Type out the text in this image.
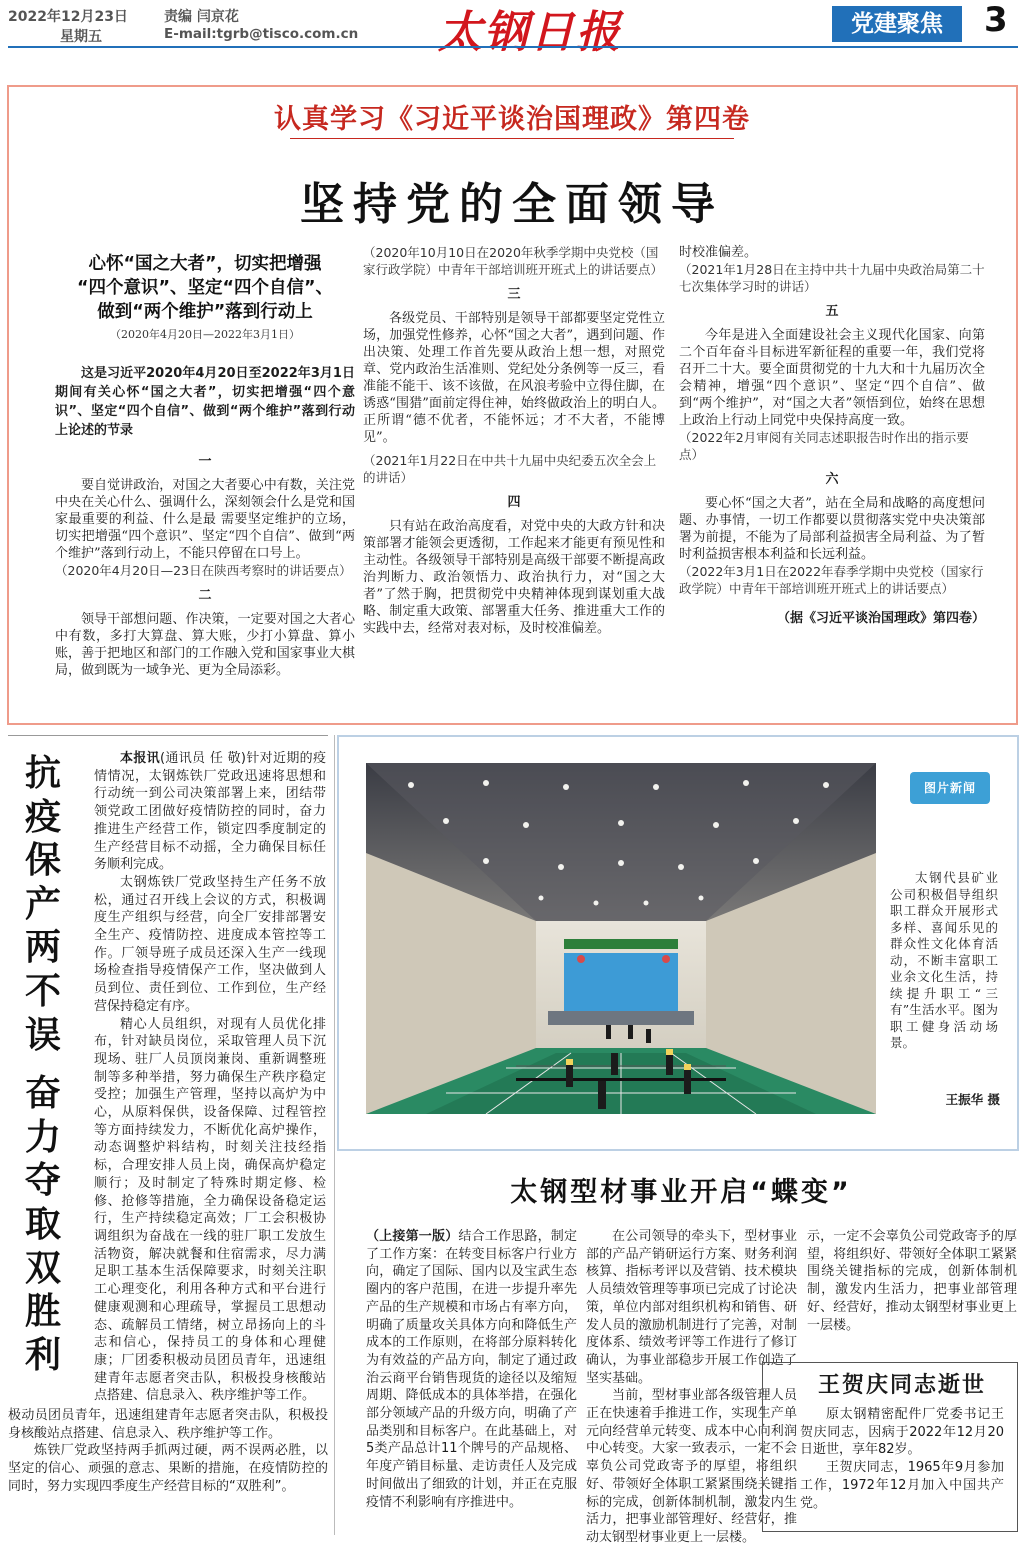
2022年12月23日	责编 闫京花
星期五	E-mail:tgrb@tisco.com.cn 太钢日报	党建聚焦	3
认真学习《习近平谈治国理政》第四卷
坚持党的全面领导
心怀“国之大者”，切实把增强
“四个意识”、坚定“四个自信”、
做到“两个维护”落到行动上
（2020年4月20日—2022年3月1日）

这是习近平2020年4月20日至2022年3月1日期间有关心怀“国之大者”，切实把增强“四个意识”、坚定“四个自信”、做到“两个维护”落到行动上论述的节录

一

要自觉讲政治，对国之大者要心中有数，关注党中央在关心什么、强调什么，深刻领会什么是党和国家最重要的利益、什么是最 需要坚定维护的立场，切实把增强“四个意识”、坚定“四个自信”、做到“两个维护”落到行动上，不能只停留在口号上。

（2020年4月20日—23日在陕西考察时的讲话要点）
二

领导干部想问题、作决策，一定要对国之大者心中有数，多打大算盘、算大账，少打小算盘、算小账，善于把地区和部门的工作融入党和国家事业大棋局，做到既为一域争光、更为全局添彩。

（2020年10月10日在2020年秋季学期中央党校（国家行政学院）中青年干部培训班开班式上的讲话要点）
三

各级党员、干部特别是领导干部都要坚定党性立场，加强党性修养，心怀“国之大者”，遇到问题、作出决策、处理工作首先要从政治上想一想，对照党章、党内政治生活准则、党纪处分条例等一反三，看准能不能干、该不该做，在风浪考验中立得住脚，在诱惑“围猎”面前定得住神，始终做政治上的明白人。正所谓“德不优者，不能怀远；才不大者，不能博见”。

（2021年1月22日在中共十九届中央纪委五次全会上的讲话）
四

只有站在政治高度看，对党中央的大政方针和决策部署才能领会更透彻，工作起来才能更有预见性和主动性。各级领导干部特别是高级干部要不断提高政治判断力、政治领悟力、政治执行力，对“国之大者”了然于胸，把贯彻党中央精神体现到谋划重大战略、制定重大政策、部署重大任务、推进重大工作的实践中去，经常对表对标，及时校准偏差。

时校准偏差。
（2021年1月28日在主持中共十九届中央政治局第二十七次集体学习时的讲话）
五

今年是进入全面建设社会主义现代化国家、向第二个百年奋斗目标进军新征程的重要一年，我们党将召开二十大。要全面贯彻党的十九大和十九届历次全会精神，增强“四个意识”、坚定“四个自信”、做到“两个维护”，对“国之大者”领悟到位，始终在思想上政治上行动上同党中央保持高度一致。

（2022年2月审阅有关同志述职报告时作出的指示要点）
六

要心怀“国之大者”，站在全局和战略的高度想问题、办事情，一切工作都要以贯彻落实党中央决策部署为前提，不能为了局部利益损害全局利益、为了暂时利益损害根本利益和长远利益。

（2022年3月1日在2022年春季学期中央党校（国家行政学院）中青年干部培训班开班式上的讲话要点）
（据《习近平谈治国理政》第四卷）
抗
疫
保
产
两
不
误
奋
力
夺
取
双
胜
利

本报讯(通讯员 任 敬)针对近期的疫情情况，太钢炼铁厂党政迅速将思想和行动统一到公司决策部署上来，团结带领党政工团做好疫情防控的同时，奋力推进生产经营工作，锁定四季度制定的生产经营目标不动摇，全力确保目标任务顺利完成。

太钢炼铁厂党政坚持生产任务不放松，通过召开线上会议的方式，积极调度生产组织与经营，向全厂安排部署安全生产、疫情防控、进度成本管控等工作。厂领导班子成员还深入生产一线现场检查指导疫情保产工作，坚决做到人员到位、责任到位、工作到位，生产经营保持稳定有序。

精心人员组织，对现有人员优化排布，针对缺员岗位，采取管理人员下沉现场、驻厂人员顶岗兼岗、重新调整班制等多种举措，努力确保生产秩序稳定受控；加强生产管理，坚持以高炉为中心，从原料保供，设备保障、过程管控等方面持续发力，不断优化高炉操作，动态调整炉料结构，时刻关注技经指标，合理安排人员上岗，确保高炉稳定顺行；及时制定了特殊时期定修、检修、抢修等措施，全力确保设备稳定运行，生产持续稳定高效；厂工会积极协调组织为奋战在一线的驻厂职工发放生活物资，解决就餐和住宿需求，尽力满足职工基本生活保障要求，时刻关注职工心理变化，利用各种方式和平台进行健康观测和心理疏导，掌握员工思想动态、疏解员工情绪，树立昂扬向上的斗志和信心，保持员工的身体和心理健康；厂团委积极动员团员青年，迅速组建青年志愿者突击队，积极投身核酸站点搭建、信息录入、秩序维护等工作。

极动员团员青年，迅速组建青年志愿者突击队，积极投身核酸站点搭建、信息录入、秩序维护等工作。

炼铁厂党政坚持两手抓两过硬，两不误两必胜，以坚定的信心、顽强的意志、果断的措施，在疫情防控的同时，努力实现四季度生产经营目标的“双胜利”。

图片新闻
太钢代县矿业公司积极倡导组织职工群众开展形式多样、喜闻乐见的群众性文化体育活动，不断丰富职工业余文化生活，持续提升职工“三有”生活水平。图为职工健身活动场景。
王振华 摄
太钢型材事业开启“蝶变”

（上接第一版）结合工作思路，制定了工作方案：在转变目标客户行业方向，确定了国际、国内以及宝武生态圈内的客户范围，在进一步提升率先产品的生产规模和市场占有率方向，明确了质量攻关具体方向和降低生产成本的工作原则，在将部分原料转化为有效益的产品方向，制定了通过政治云商平台销售现货的途径以及缩短周期、降低成本的具体举措，在强化部分领域产品的升级方向，明确了产品类别和目标客户。在此基础上，对5类产品总计11个牌号的产品规格、年度产销目标量、走访责任人及完成时间做出了细致的计划，并正在克服疫情不利影响有序推进中。

在公司领导的牵头下，型材事业部的产品产销研运行方案、财务利润核算、指标考评以及营销、技术模块人员绩效管理等事项已完成了讨论决策，单位内部对组织机构和销售、研发人员的激励机制进行了完善，对制度体系、绩效考评等工作进行了修订确认，为事业部稳步开展工作创造了坚实基础。

当前，型材事业部各级管理人员正在快速着手推进工作，实现生产单元向经营单元转变、成本中心向利润中心转变。大家一致表示，一定不会辜负公司党政寄予的厚望，将组织好、带领好全体职工紧紧围绕关键指标的完成，创新体制机制，激发内生活力，把事业部管理好、经营好，推动太钢型材事业更上一层楼。

示，一定不会辜负公司党政寄予的厚望，将组织好、带领好全体职工紧紧围绕关键指标的完成，创新体制机制，激发内生活力，把事业部管理好、经营好，推动太钢型材事业更上一层楼。

王贺庆同志逝世

原太钢精密配件厂党委书记王贺庆同志，因病于2022年12月20日逝世，享年82岁。

王贺庆同志，1965年9月参加工作，1972年12月加入中国共产党。
